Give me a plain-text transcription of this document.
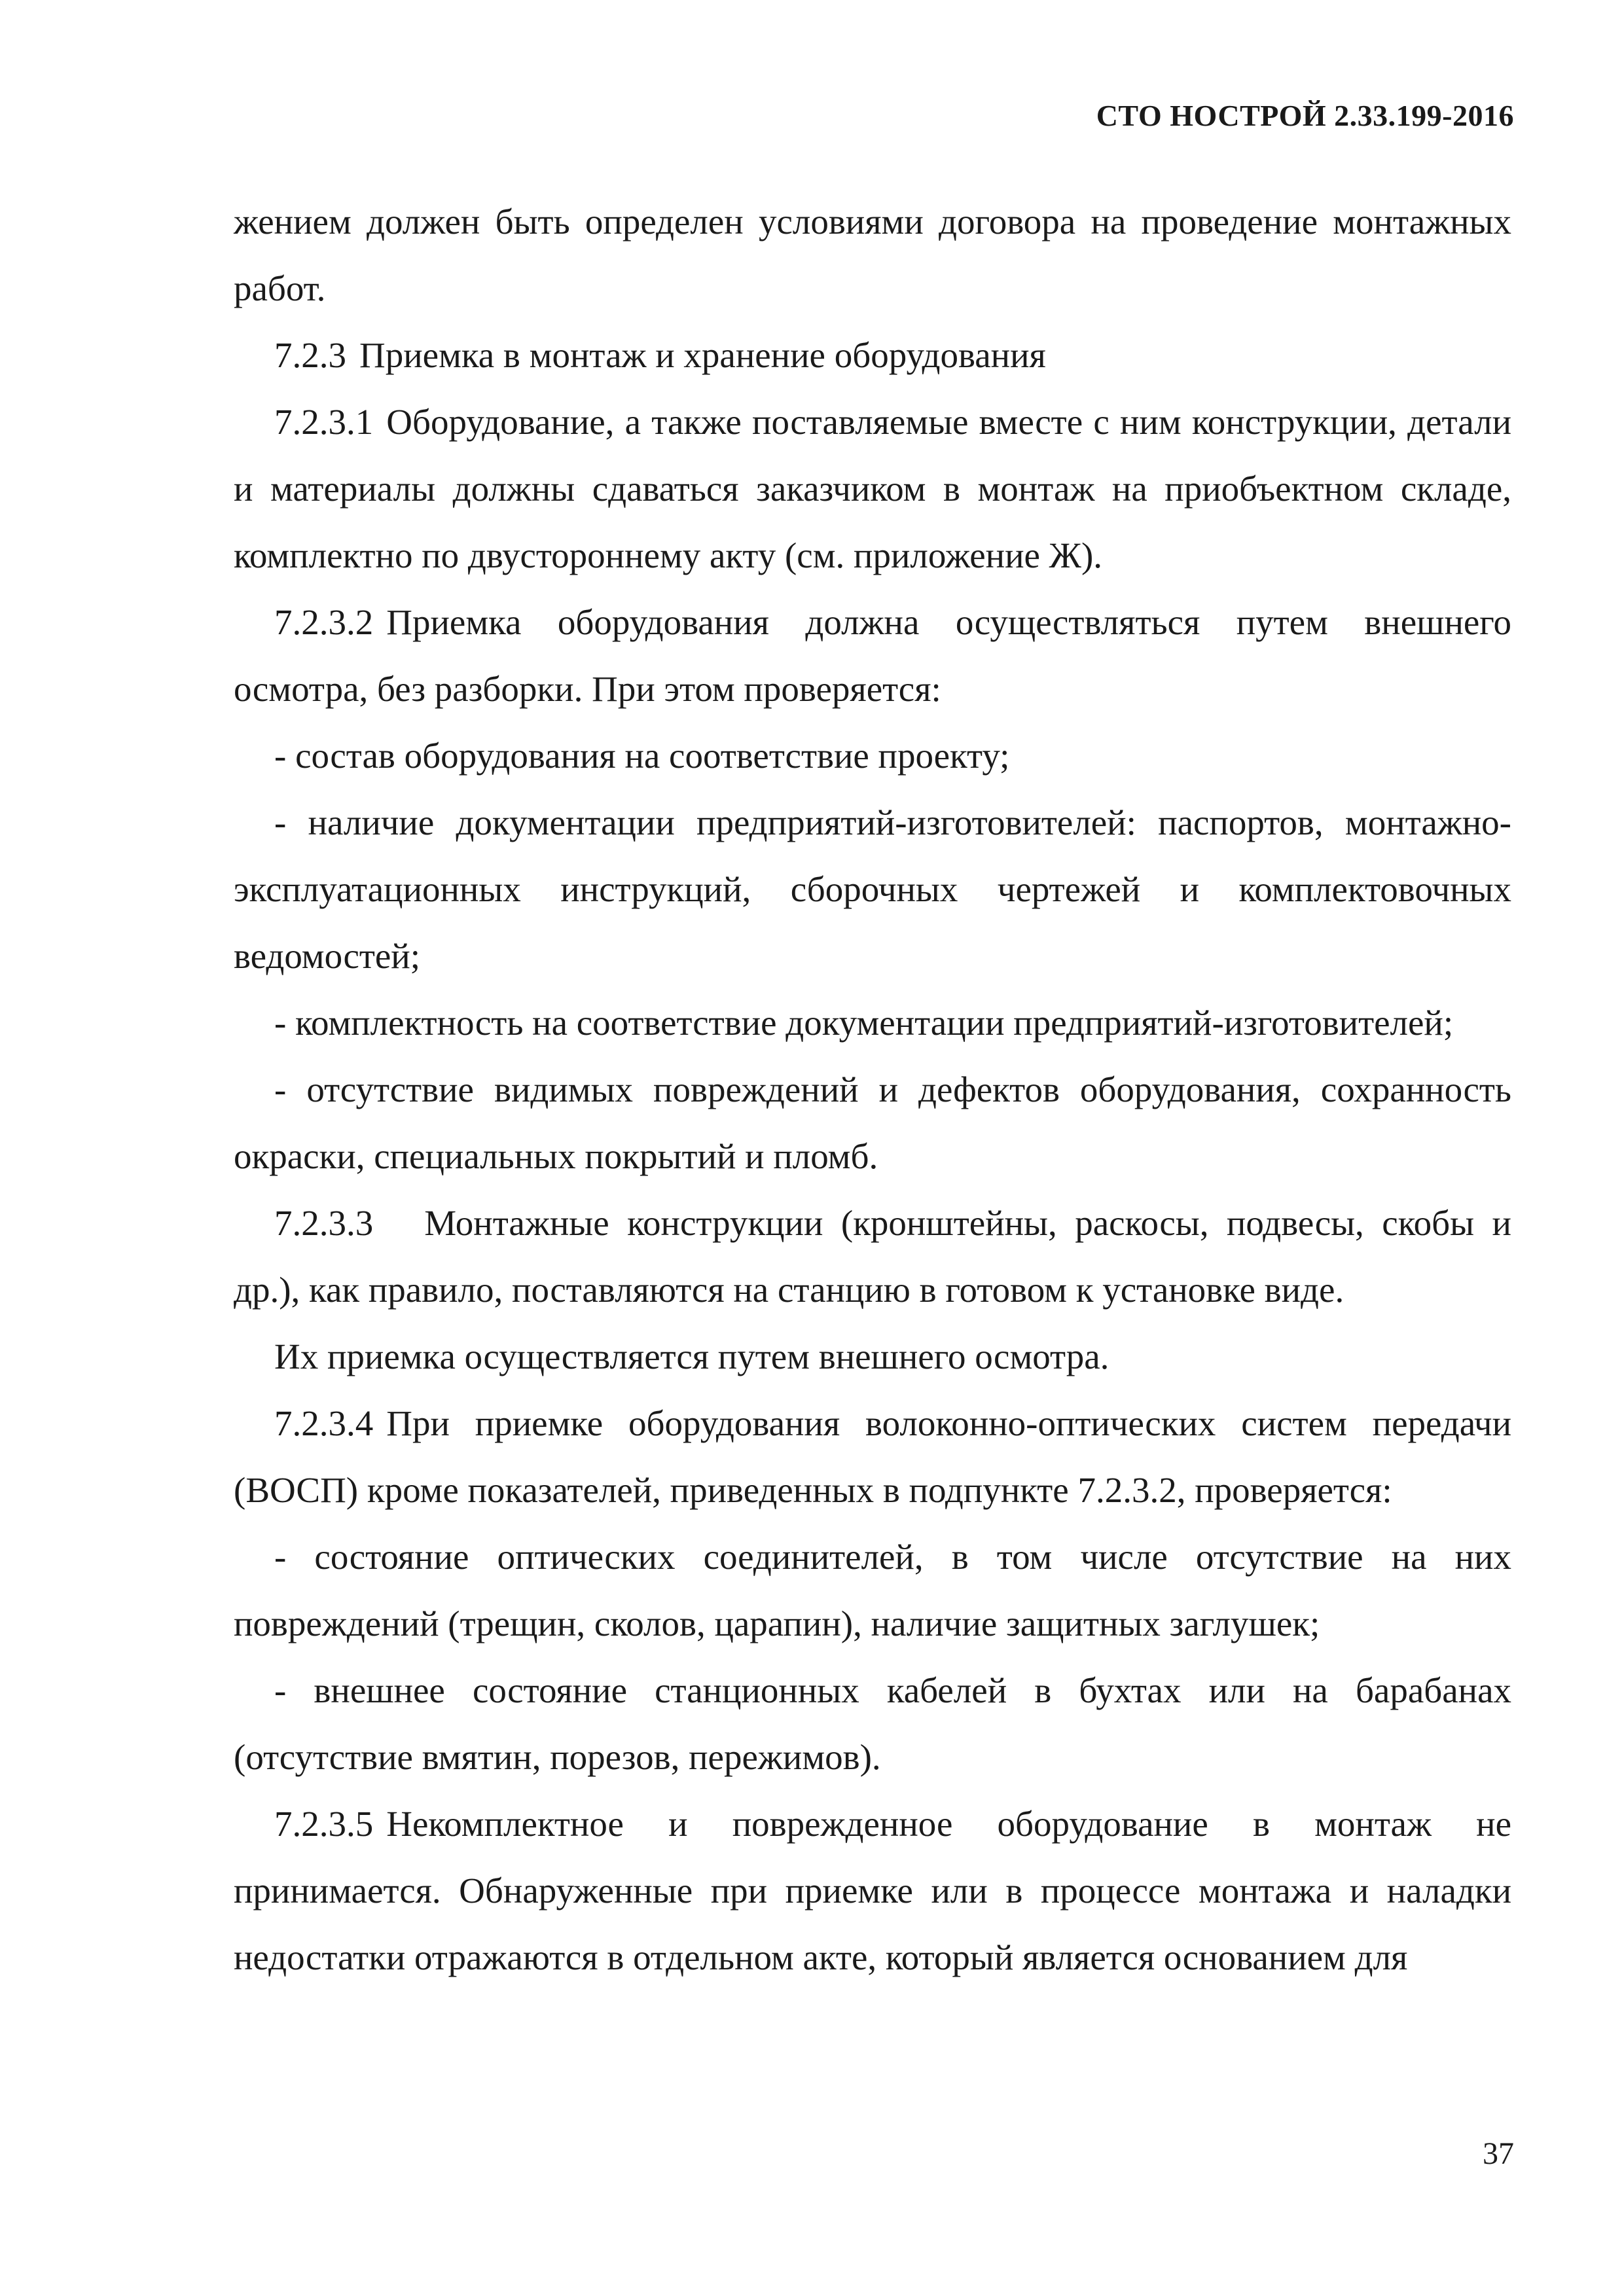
СТО НОСТРОЙ 2.33.199-2016

жением должен быть определен условиями договора на проведение монтажных работ.

7.2.3 Приемка в монтаж и хранение оборудования

7.2.3.1 Оборудование, а также поставляемые вместе с ним конструкции, детали и материалы должны сдаваться заказчиком в монтаж на приобъектном складе, комплектно по двустороннему акту (см. приложение Ж).

7.2.3.2 Приемка оборудования должна осуществляться путем внешнего осмотра, без разборки. При этом проверяется:

- состав оборудования на соответствие проекту;

- наличие документации предприятий-изготовителей: паспортов, монтажно-эксплуатационных инструкций, сборочных чертежей и комплектовочных ведомостей;

- комплектность на соответствие документации предприятий-изготовителей;

- отсутствие видимых повреждений и дефектов оборудования, сохранность окраски, специальных покрытий и пломб.

7.2.3.3 Монтажные конструкции (кронштейны, раскосы, подвесы, скобы и др.), как правило, поставляются на станцию в готовом к установке виде.

Их приемка осуществляется путем внешнего осмотра.

7.2.3.4 При приемке оборудования волоконно-оптических систем передачи (ВОСП) кроме показателей, приведенных в подпункте 7.2.3.2, проверяется:

- состояние оптических соединителей, в том числе отсутствие на них повреждений (трещин, сколов, царапин), наличие защитных заглушек;

- внешнее состояние станционных кабелей в бухтах или на барабанах (отсутствие вмятин, порезов, пережимов).

7.2.3.5 Некомплектное и поврежденное оборудование в монтаж не принимается. Обнаруженные при приемке или в процессе монтажа и наладки недостатки отражаются в отдельном акте, который является основанием для

37
